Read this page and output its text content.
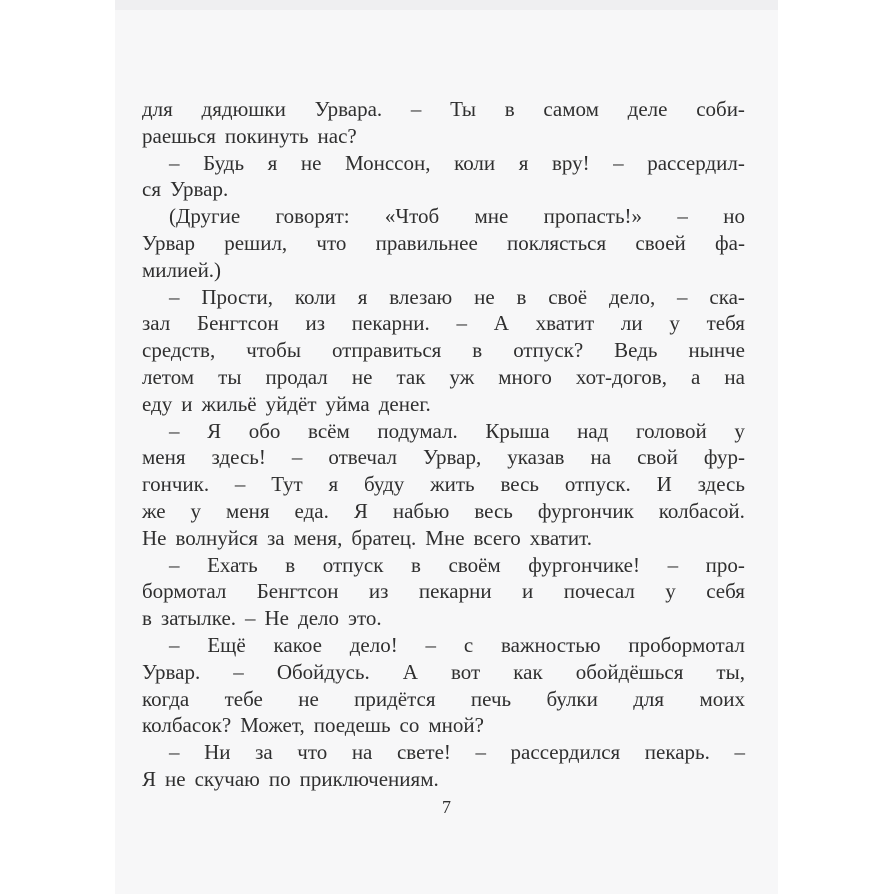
для дядюшки Урвара. – Ты в самом деле соби-
раешься покинуть нас?
– Будь я не Монссон, коли я вру! – рассердил-
ся Урвар.
(Другие говорят: «Чтоб мне пропасть!» – но
Урвар решил, что правильнее поклясться своей фа-
милией.)
– Прости, коли я влезаю не в своё дело, – ска-
зал Бенгтсон из пекарни. – А хватит ли у тебя
средств, чтобы отправиться в отпуск? Ведь нынче
летом ты продал не так уж много хот-догов, а на
еду и жильё уйдёт уйма денег.
– Я обо всём подумал. Крыша над головой у
меня здесь! – отвечал Урвар, указав на свой фур-
гончик. – Тут я буду жить весь отпуск. И здесь
же у меня еда. Я набью весь фургончик колбасой.
Не волнуйся за меня, братец. Мне всего хватит.
– Ехать в отпуск в своём фургончике! – про-
бормотал Бенгтсон из пекарни и почесал у себя
в затылке. – Не дело это.
– Ещё какое дело! – с важностью пробормотал
Урвар. – Обойдусь. А вот как обойдёшься ты,
когда тебе не придётся печь булки для моих
колбасок? Может, поедешь со мной?
– Ни за что на свете! – рассердился пекарь. –
Я не скучаю по приключениям.
7
